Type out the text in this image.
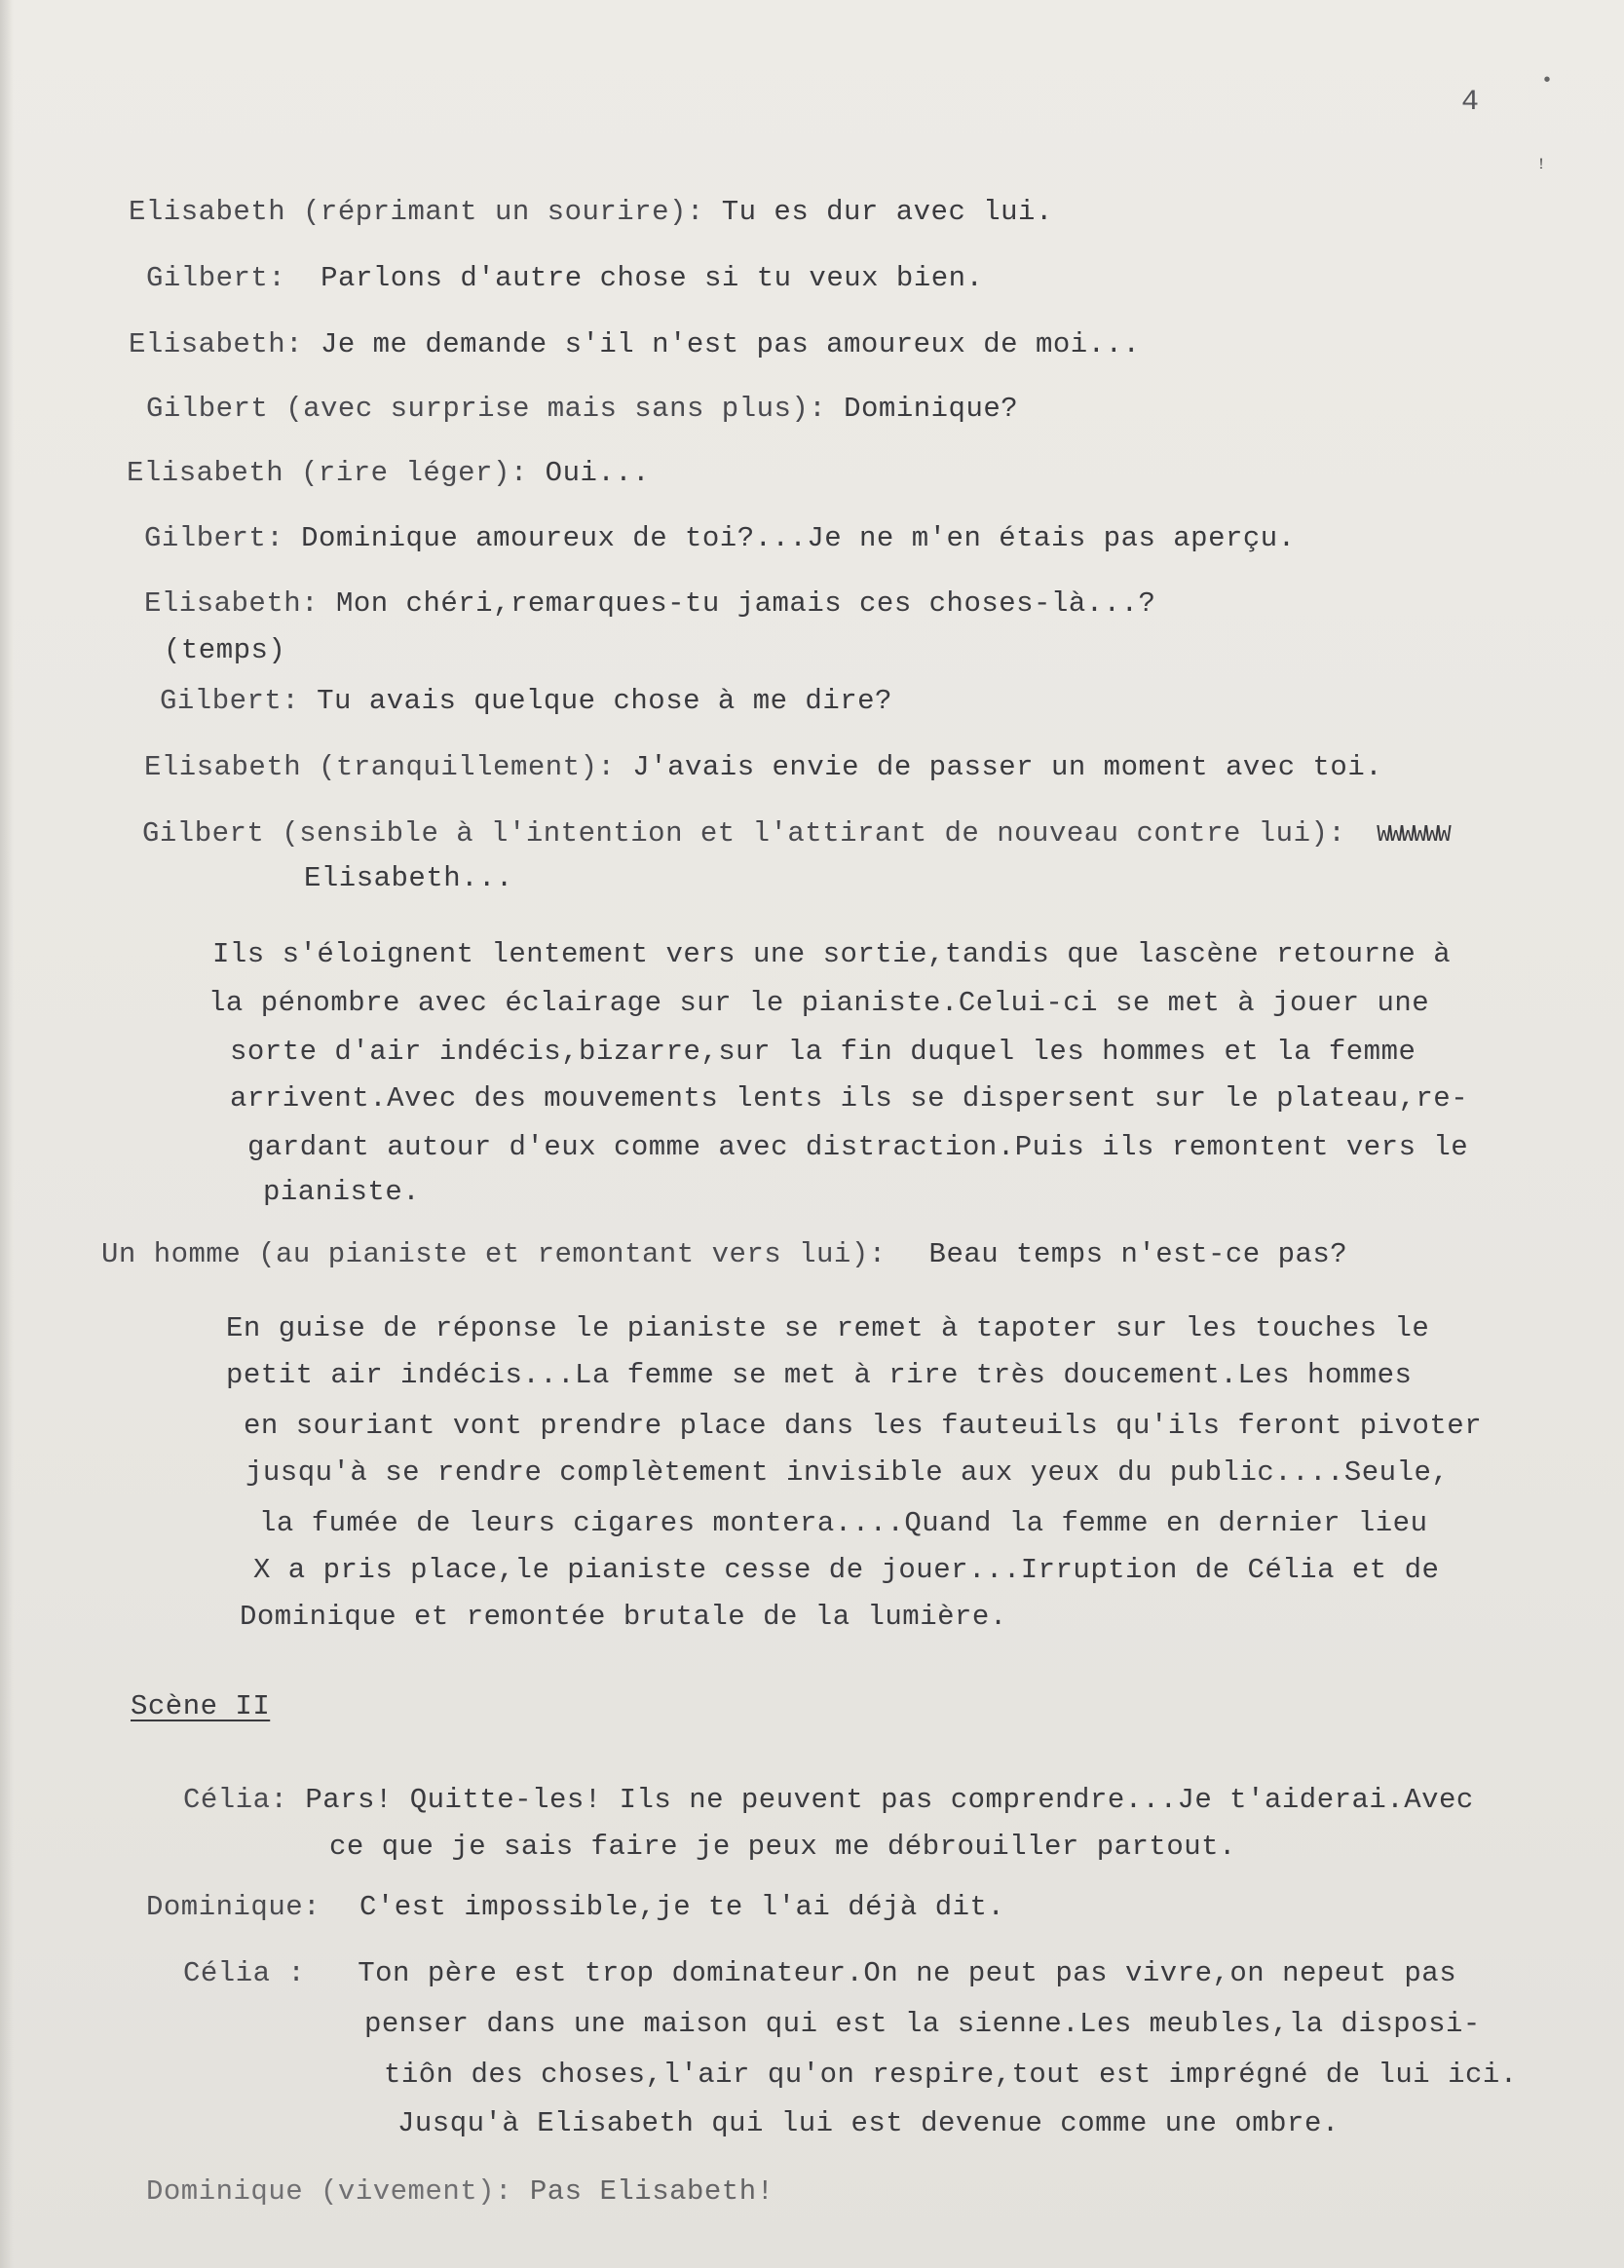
4
•
ꜝ
Elisabeth (réprimant un sourire): Tu es dur avec lui.
Gilbert: Parlons d'autre chose si tu veux bien.
Elisabeth: Je me demande s'il n'est pas amoureux de moi...
Gilbert (avec surprise mais sans plus): Dominique?
Elisabeth (rire léger): Oui...
Gilbert: Dominique amoureux de toi?...Je ne m'en étais pas aperçu.
Elisabeth: Mon chéri,remarques-tu jamais ces choses-là...?
(temps)
Gilbert: Tu avais quelque chose à me dire?
Elisabeth (tranquillement): J'avais envie de passer un moment avec toi.
Gilbert (sensible à l'intention et l'attirant de nouveau contre lui): WWWWWW
Elisabeth...
Ils s'éloignent lentement vers une sortie,tandis que lascène retourne à
la pénombre avec éclairage sur le pianiste.Celui-ci se met à jouer une
sorte d'air indécis,bizarre,sur la fin duquel les hommes et la femme
arrivent.Avec des mouvements lents ils se dispersent sur le plateau,re-
gardant autour d'eux comme avec distraction.Puis ils remontent vers le
pianiste.
Un homme (au pianiste et remontant vers lui): Beau temps n'est-ce pas?
En guise de réponse le pianiste se remet à tapoter sur les touches le
petit air indécis...La femme se met à rire très doucement.Les hommes
en souriant vont prendre place dans les fauteuils qu'ils feront pivoter
jusqu'à se rendre complètement invisible aux yeux du public....Seule,
la fumée de leurs cigares montera....Quand la femme en dernier lieu
X a pris place,le pianiste cesse de jouer...Irruption de Célia et de
Dominique et remontée brutale de la lumière.
Scène II
Célia: Pars! Quitte-les! Ils ne peuvent pas comprendre...Je t'aiderai.Avec
ce que je sais faire je peux me débrouiller partout.
Dominique: C'est impossible,je te l'ai déjà dit.
Célia : Ton père est trop dominateur.On ne peut pas vivre,on nepeut pas
penser dans une maison qui est la sienne.Les meubles,la disposi-
tiôn des choses,l'air qu'on respire,tout est imprégné de lui ici.
Jusqu'à Elisabeth qui lui est devenue comme une ombre.
Dominique (vivement): Pas Elisabeth!
